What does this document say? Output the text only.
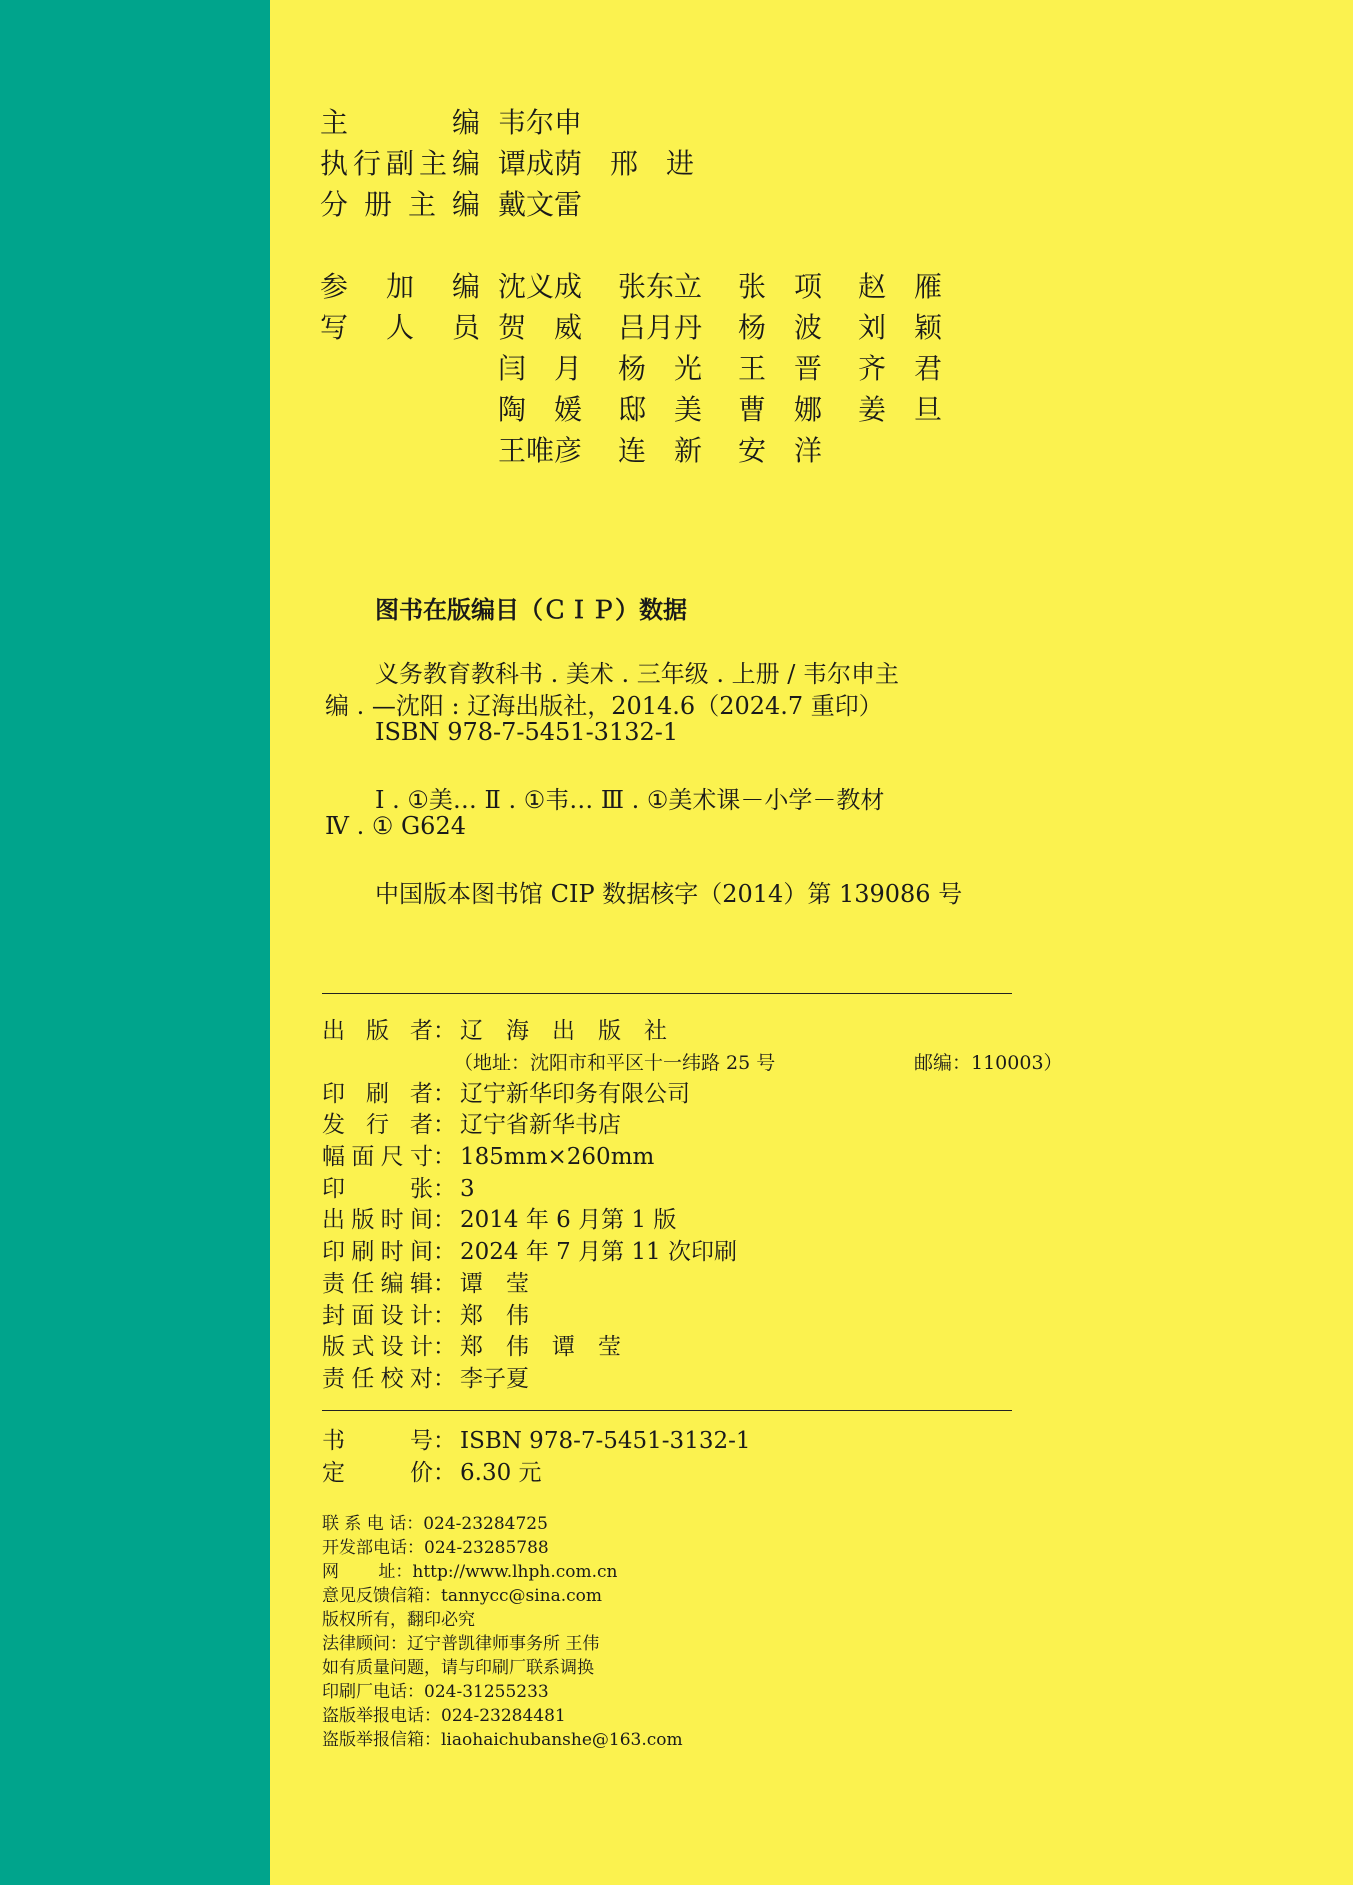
主	编 韦尔申
执 行 副 主 编 谭成荫　邢　进
分 册 主 编 戴文雷
参 加 编 沈义成 张东立 张　项 赵　雁
写 人 员 贺　威 吕月丹 杨　波 刘　颖
闫　月 杨　光 王　晋 齐　君
陶　媛 邸　美 曹　娜 姜　旦
王唯彦 连　新 安　洋
图书在版编目（ＣＩＰ）数据
义务教育教科书 . 美术 . 三年级 . 上册 / 韦尔申主
编 . —沈阳 : 辽海出版社，2014.6（2024.7 重印）
ISBN 978-7-5451-3132-1
Ⅰ . ①美… Ⅱ . ①韦… Ⅲ . ①美术课－小学－教材
Ⅳ . ① G624
中国版本图书馆 CIP 数据核字（2014）第 139086 号
出 版 者： 辽　海　出　版　社
（地址：沈阳市和平区十一纬路 25 号	邮编：110003）
印 刷 者： 辽宁新华印务有限公司
发 行 者： 辽宁省新华书店
幅 面 尺 寸： 185mm×260mm
印	张： 3
出 版 时 间： 2014 年 6 月第 1 版
印 刷 时 间： 2024 年 7 月第 11 次印刷
责 任 编 辑： 谭　莹
封 面 设 计： 郑　伟
版 式 设 计： 郑　伟　谭　莹
责 任 校 对： 李子夏
书	号： ISBN 978-7-5451-3132-1
定	价： 6.30 元
联 系 电 话：024-23284725
开发部电话：024-23285788
网　　 址：http://www.lhph.com.cn
意见反馈信箱：tannycc@sina.com
版权所有，翻印必究
法律顾问：辽宁普凯律师事务所 王伟
如有质量问题，请与印刷厂联系调换
印刷厂电话：024-31255233
盗版举报电话：024-23284481
盗版举报信箱：liaohaichubanshe@163.com
